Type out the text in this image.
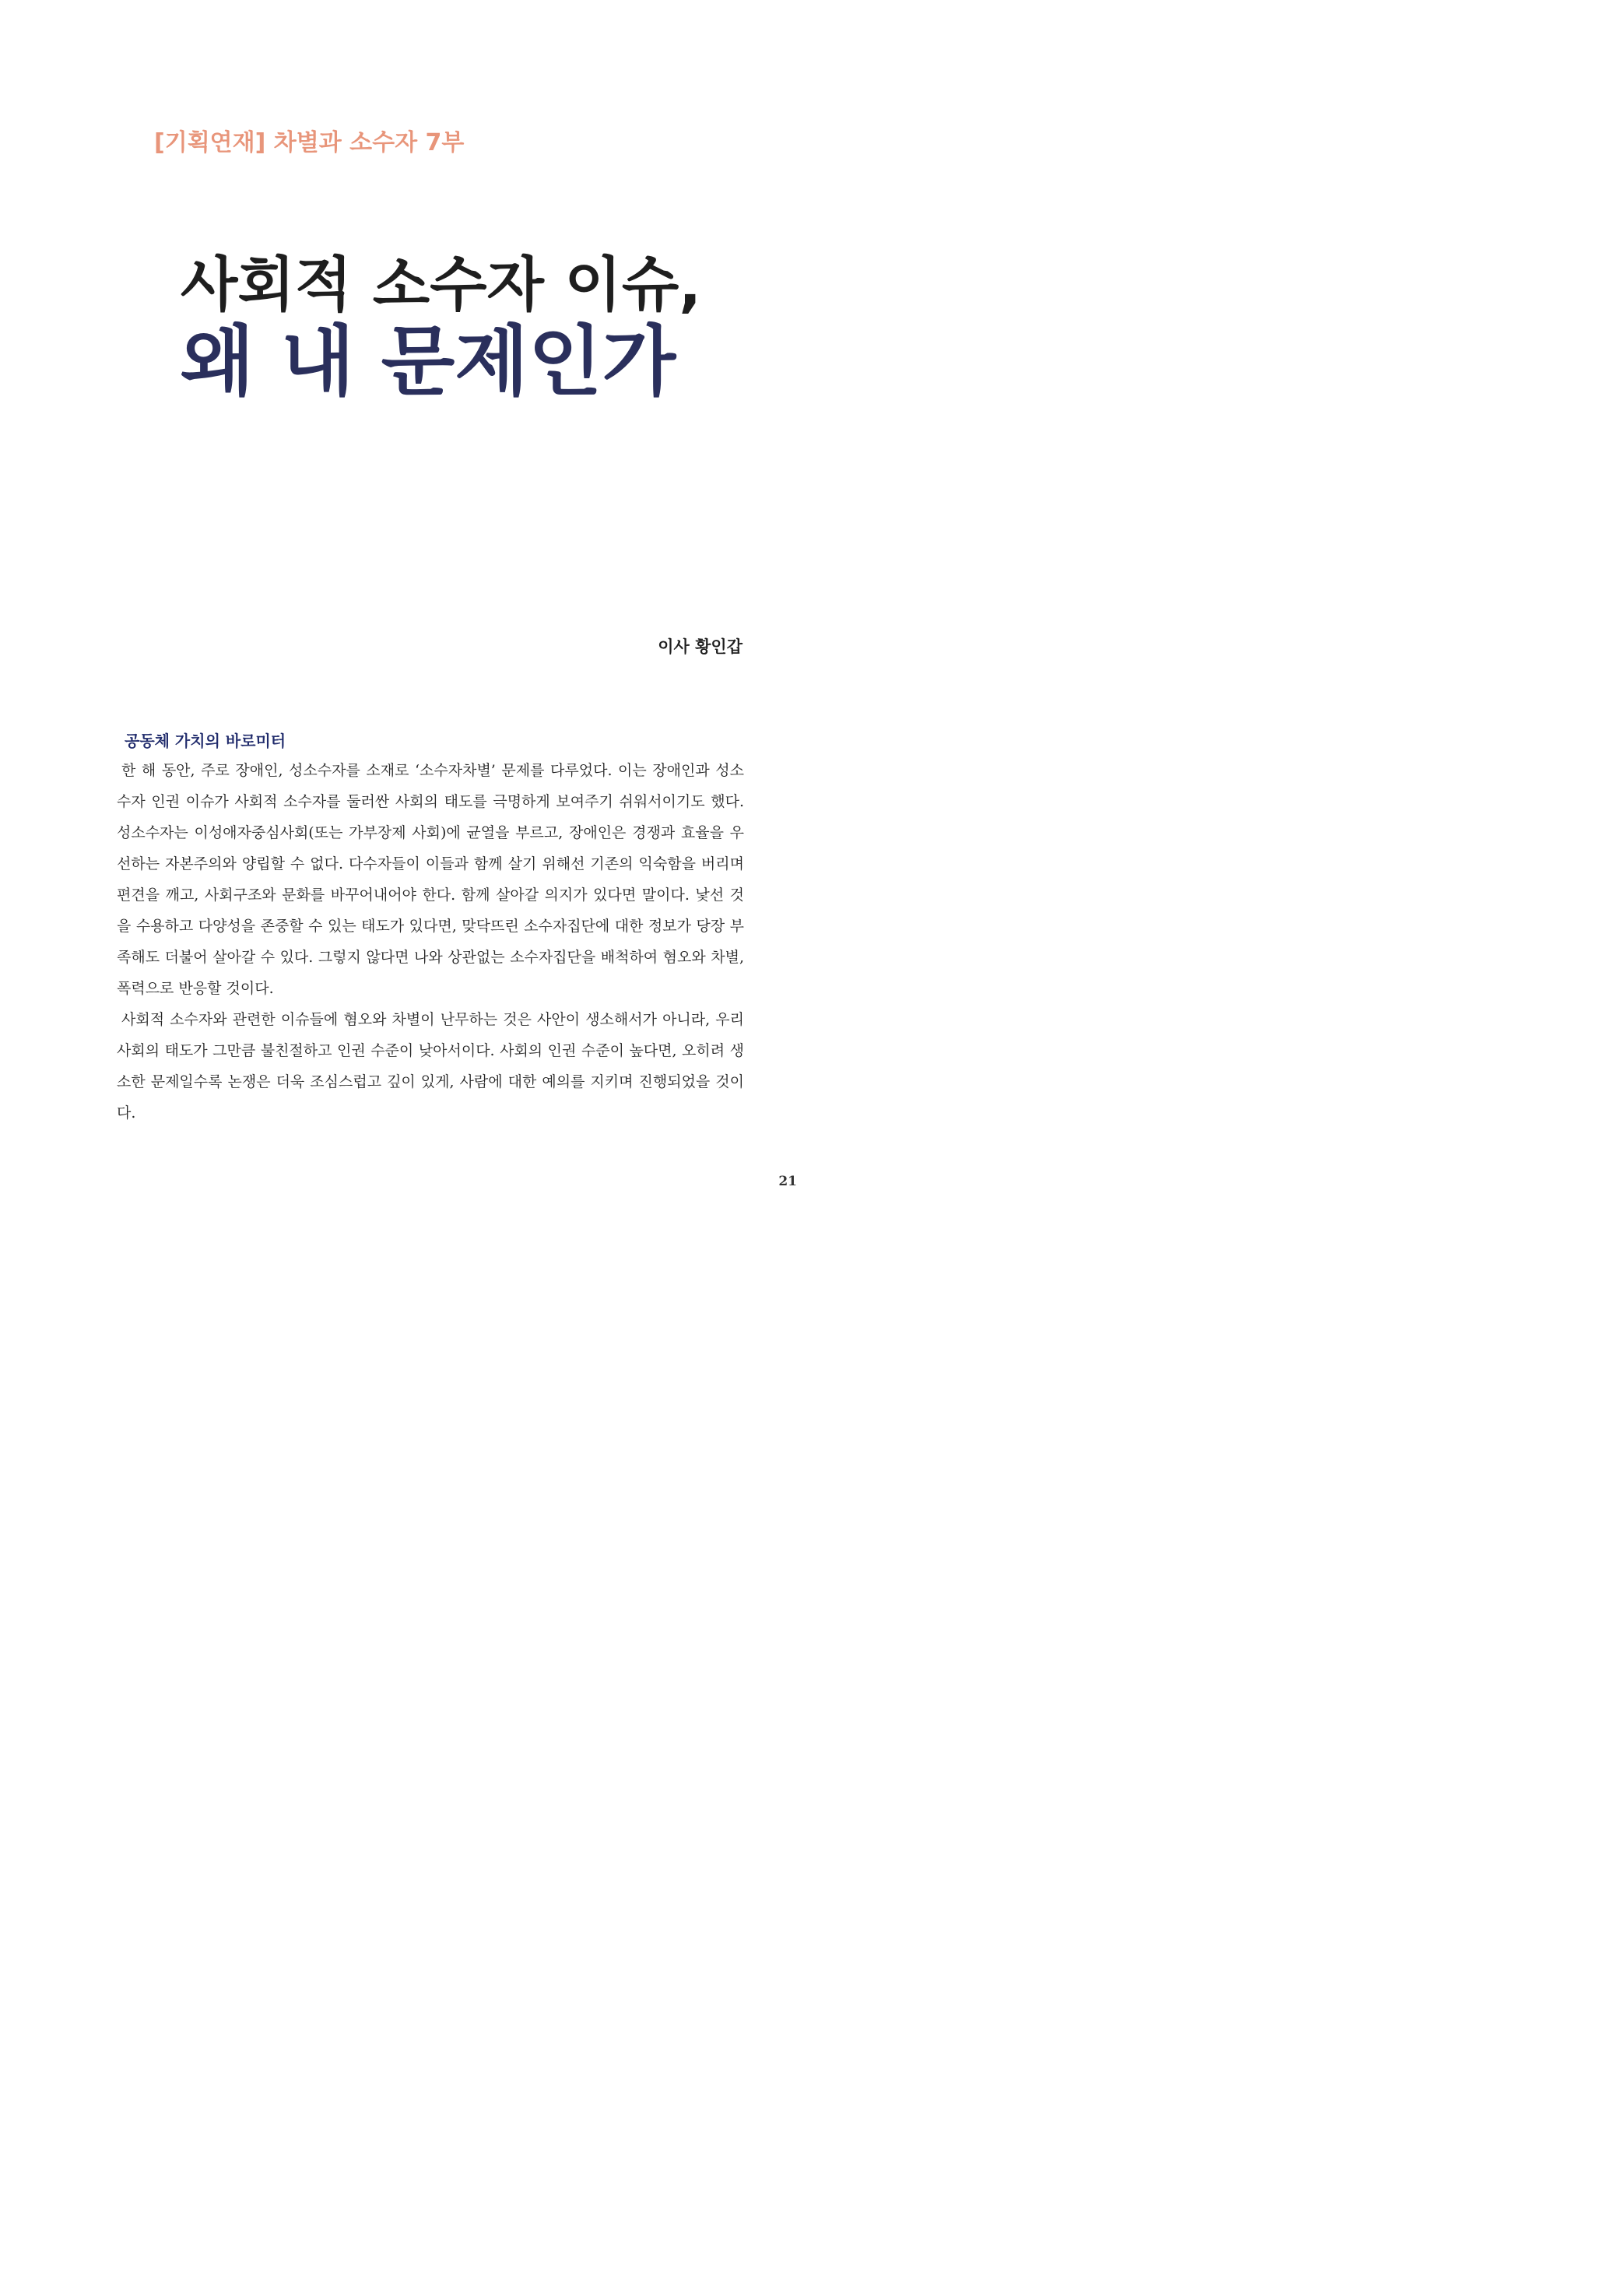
[기획연재] 차별과 소수자 7부
사회적 소수자 이슈,
왜 내 문제인가
이사 황인갑
공동체 가치의 바로미터

한 해 동안, 주로 장애인, 성소수자를 소재로 ‘소수자차별’ 문제를 다루었다. 이는 장애인과 성소수자 인권 이슈가 사회적 소수자를 둘러싼 사회의 태도를 극명하게 보여주기 쉬워서이기도 했다. 성소수자는 이성애자중심사회(또는 가부장제 사회)에 균열을 부르고, 장애인은 경쟁과 효율을 우선하는 자본주의와 양립할 수 없다. 다수자들이 이들과 함께 살기 위해선 기존의 익숙함을 버리며 편견을 깨고, 사회구조와 문화를 바꾸어내어야 한다. 함께 살아갈 의지가 있다면 말이다. 낯선 것을 수용하고 다양성을 존중할 수 있는 태도가 있다면, 맞닥뜨린 소수자집단에 대한 정보가 당장 부족해도 더불어 살아갈 수 있다. 그렇지 않다면 나와 상관없는 소수자집단을 배척하여 혐오와 차별, 폭력으로 반응할 것이다.

사회적 소수자와 관련한 이슈들에 혐오와 차별이 난무하는 것은 사안이 생소해서가 아니라, 우리 사회의 태도가 그만큼 불친절하고 인권 수준이 낮아서이다. 사회의 인권 수준이 높다면, 오히려 생소한 문제일수록 논쟁은 더욱 조심스럽고 깊이 있게, 사람에 대한 예의를 지키며 진행되었을 것이다.

21
